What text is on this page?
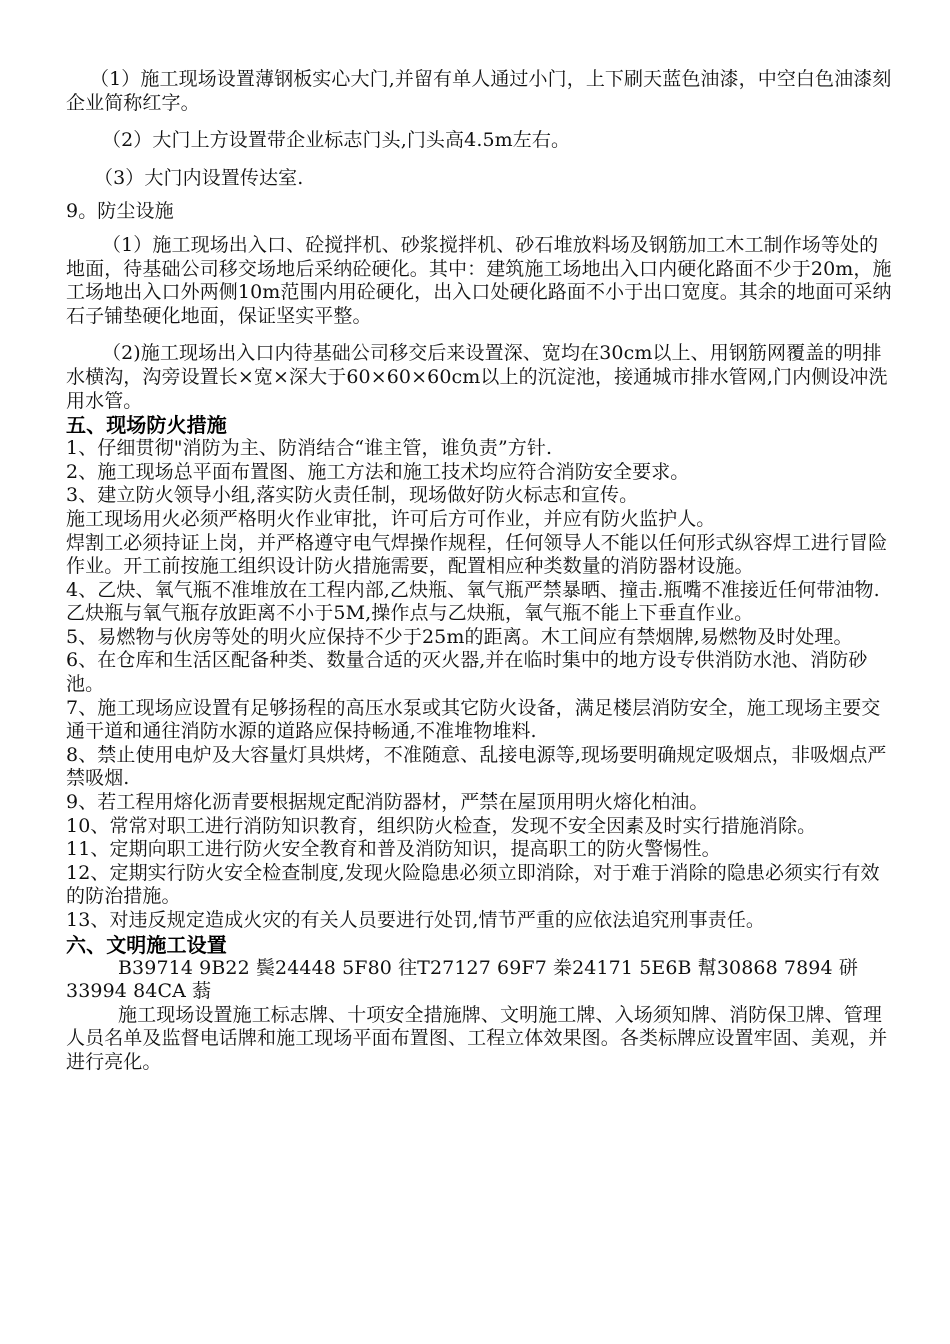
（1）施工现场设置薄钢板实心大门,并留有单人通过小门，上下刷天蓝色油漆，中空白色油漆刻企业简称红字。

（2）大门上方设置带企业标志门头,门头高4.5m左右。

（3）大门内设置传达室.

9。防尘设施

（1）施工现场出入口、砼搅拌机、砂浆搅拌机、砂石堆放料场及钢筋加工木工制作场等处的地面，待基础公司移交场地后采纳砼硬化。其中：建筑施工场地出入口内硬化路面不少于20m，施工场地出入口外两侧10m范围内用砼硬化，出入口处硬化路面不小于出口宽度。其余的地面可采纳石子铺垫硬化地面，保证坚实平整。

（2)施工现场出入口内待基础公司移交后来设置深、宽均在30cm以上、用钢筋网覆盖的明排水横沟，沟旁设置长×宽×深大于60×60×60cm以上的沉淀池，接通城市排水管网,门内侧设冲洗用水管。

五、现场防火措施

1、仔细贯彻"消防为主、防消结合“谁主管，谁负责”方针.

2、施工现场总平面布置图、施工方法和施工技术均应符合消防安全要求。

3、建立防火领导小组,落实防火责任制，现场做好防火标志和宣传。

施工现场用火必须严格明火作业审批，许可后方可作业，并应有防火监护人。

焊割工必须持证上岗，并严格遵守电气焊操作规程，任何领导人不能以任何形式纵容焊工进行冒险作业。开工前按施工组织设计防火措施需要，配置相应种类数量的消防器材设施。

4、乙炔、氧气瓶不准堆放在工程内部,乙炔瓶、氧气瓶严禁暴晒、撞击.瓶嘴不准接近任何带油物.乙炔瓶与氧气瓶存放距离不小于5M,操作点与乙炔瓶，氧气瓶不能上下垂直作业。

5、易燃物与伙房等处的明火应保持不少于25m的距离。木工间应有禁烟牌,易燃物及时处理。

6、在仓库和生活区配备种类、数量合适的灭火器,并在临时集中的地方设专供消防水池、消防砂池。

7、施工现场应设置有足够扬程的高压水泵或其它防火设备，满足楼层消防安全，施工现场主要交通干道和通往消防水源的道路应保持畅通,不准堆物堆料.

8、禁止使用电炉及大容量灯具烘烤，不准随意、乱接电源等,现场要明确规定吸烟点，非吸烟点严禁吸烟.

9、若工程用熔化沥青要根据规定配消防器材，严禁在屋顶用明火熔化柏油。

10、常常对职工进行消防知识教育，组织防火检查，发现不安全因素及时实行措施消除。

11、定期向职工进行防火安全教育和普及消防知识，提高职工的防火警惕性。

12、定期实行防火安全检查制度,发现火险隐患必须立即消除，对于难于消除的隐患必须实行有效的防治措施。

13、对违反规定造成火灾的有关人员要进行处罚,情节严重的应依法追究刑事责任。

六、文明施工设置

B39714 9B22 鬓24448 5F80 往T27127 69F7 桊24171 5E6B 幫30868 7894 硑33994 84CA 蓊

施工现场设置施工标志牌、十项安全措施牌、文明施工牌、入场须知牌、消防保卫牌、管理人员名单及监督电话牌和施工现场平面布置图、工程立体效果图。各类标牌应设置牢固、美观，并进行亮化。
